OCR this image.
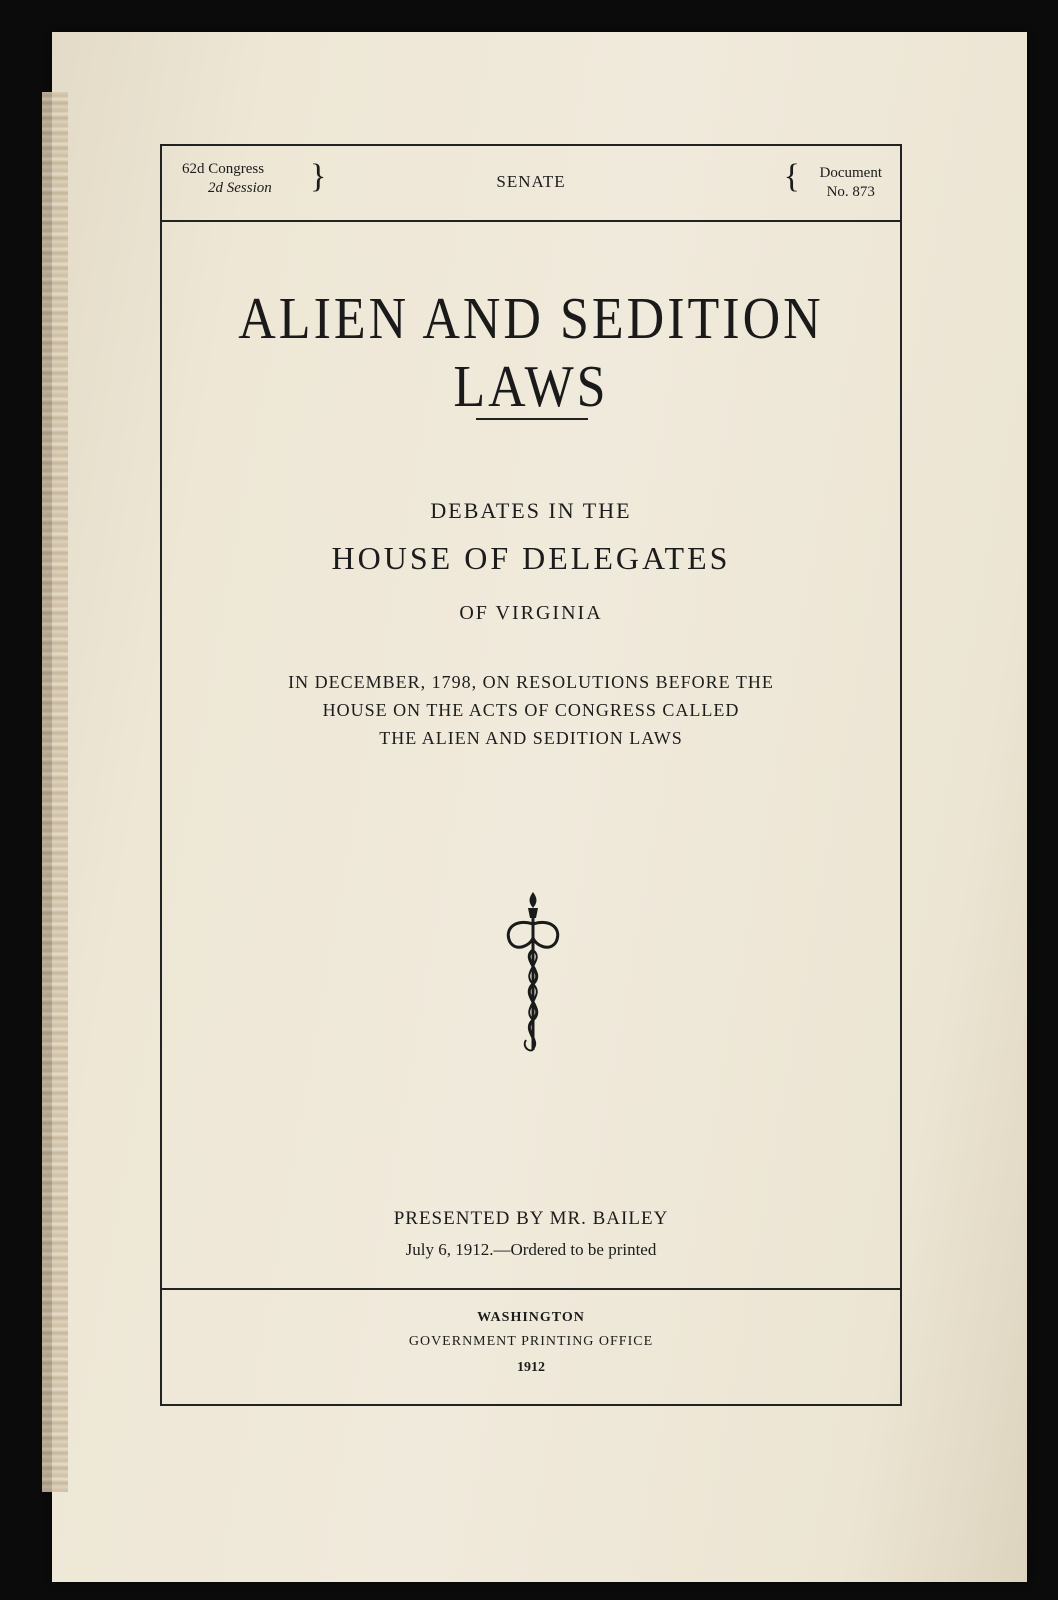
62d Congress
2d Session }	SENATE	{ Document
No. 873
ALIEN AND SEDITION LAWS
DEBATES IN THE
HOUSE OF DELEGATES
OF VIRGINIA
IN DECEMBER, 1798, ON RESOLUTIONS BEFORE THE
HOUSE ON THE ACTS OF CONGRESS CALLED
THE ALIEN AND SEDITION LAWS
PRESENTED BY MR. BAILEY
July 6, 1912.—Ordered to be printed
WASHINGTON
GOVERNMENT PRINTING OFFICE
1912
